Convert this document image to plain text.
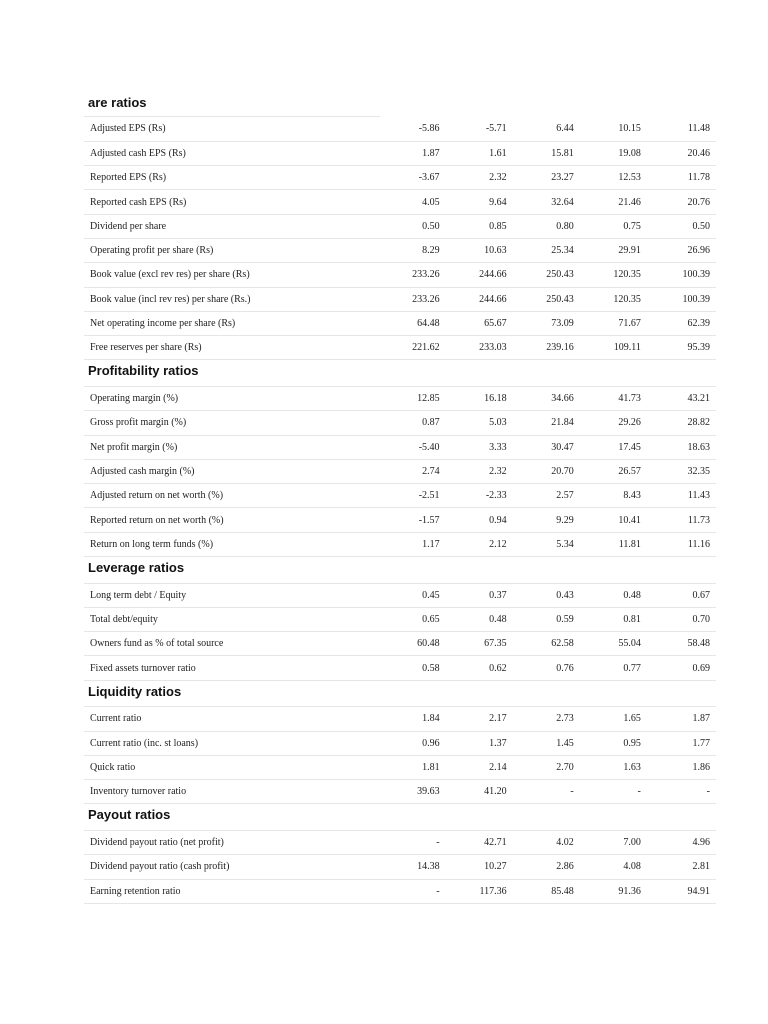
are ratios
Adjusted EPS (Rs)	-5.86	-5.71	6.44	10.15	11.48
Adjusted cash EPS (Rs)	1.87	1.61	15.81	19.08	20.46
Reported EPS (Rs)	-3.67	2.32	23.27	12.53	11.78
Reported cash EPS (Rs)	4.05	9.64	32.64	21.46	20.76
Dividend per share	0.50	0.85	0.80	0.75	0.50
Operating profit per share (Rs)	8.29	10.63	25.34	29.91	26.96
Book value (excl rev res) per share (Rs)	233.26	244.66	250.43	120.35	100.39
Book value (incl rev res) per share (Rs.)	233.26	244.66	250.43	120.35	100.39
Net operating income per share (Rs)	64.48	65.67	73.09	71.67	62.39
Free reserves per share (Rs)	221.62	233.03	239.16	109.11	95.39
Profitability ratios

Operating margin (%)	12.85	16.18	34.66	41.73	43.21
Gross profit margin (%)	0.87	5.03	21.84	29.26	28.82
Net profit margin (%)	-5.40	3.33	30.47	17.45	18.63
Adjusted cash margin (%)	2.74	2.32	20.70	26.57	32.35
Adjusted return on net worth (%)	-2.51	-2.33	2.57	8.43	11.43
Reported return on net worth (%)	-1.57	0.94	9.29	10.41	11.73
Return on long term funds (%)	1.17	2.12	5.34	11.81	11.16
Leverage ratios

Long term debt / Equity	0.45	0.37	0.43	0.48	0.67
Total debt/equity	0.65	0.48	0.59	0.81	0.70
Owners fund as % of total source	60.48	67.35	62.58	55.04	58.48
Fixed assets turnover ratio	0.58	0.62	0.76	0.77	0.69
Liquidity ratios

Current ratio	1.84	2.17	2.73	1.65	1.87
Current ratio (inc. st loans)	0.96	1.37	1.45	0.95	1.77
Quick ratio	1.81	2.14	2.70	1.63	1.86
Inventory turnover ratio	39.63	41.20	-	-	-
Payout ratios

Dividend payout ratio (net profit)	-	42.71	4.02	7.00	4.96
Dividend payout ratio (cash profit)	14.38	10.27	2.86	4.08	2.81
Earning retention ratio	-	117.36	85.48	91.36	94.91
